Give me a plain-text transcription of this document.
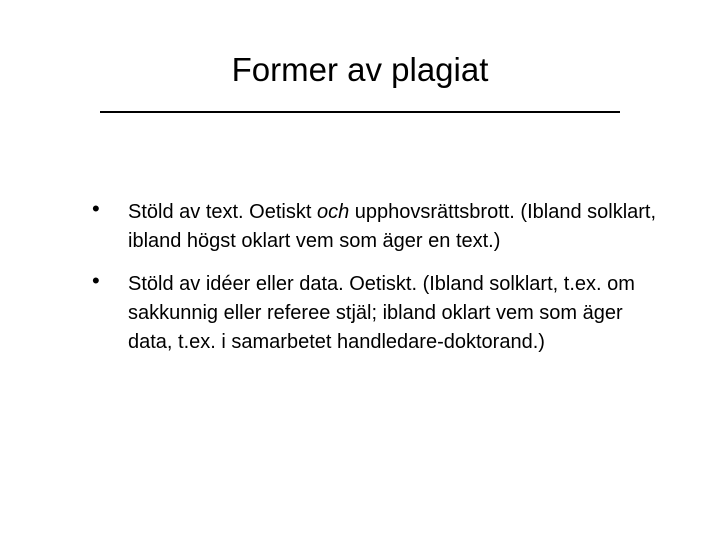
Former av plagiat
• Stöld av text. Oetiskt och upphovsrättsbrott. (Ibland solklart, ibland högst oklart vem som äger en text.)
• Stöld av idéer eller data. Oetiskt. (Ibland solklart, t.ex. om sakkunnig eller referee stjäl; ibland oklart vem som äger data, t.ex. i samarbetet handledare-doktorand.)
